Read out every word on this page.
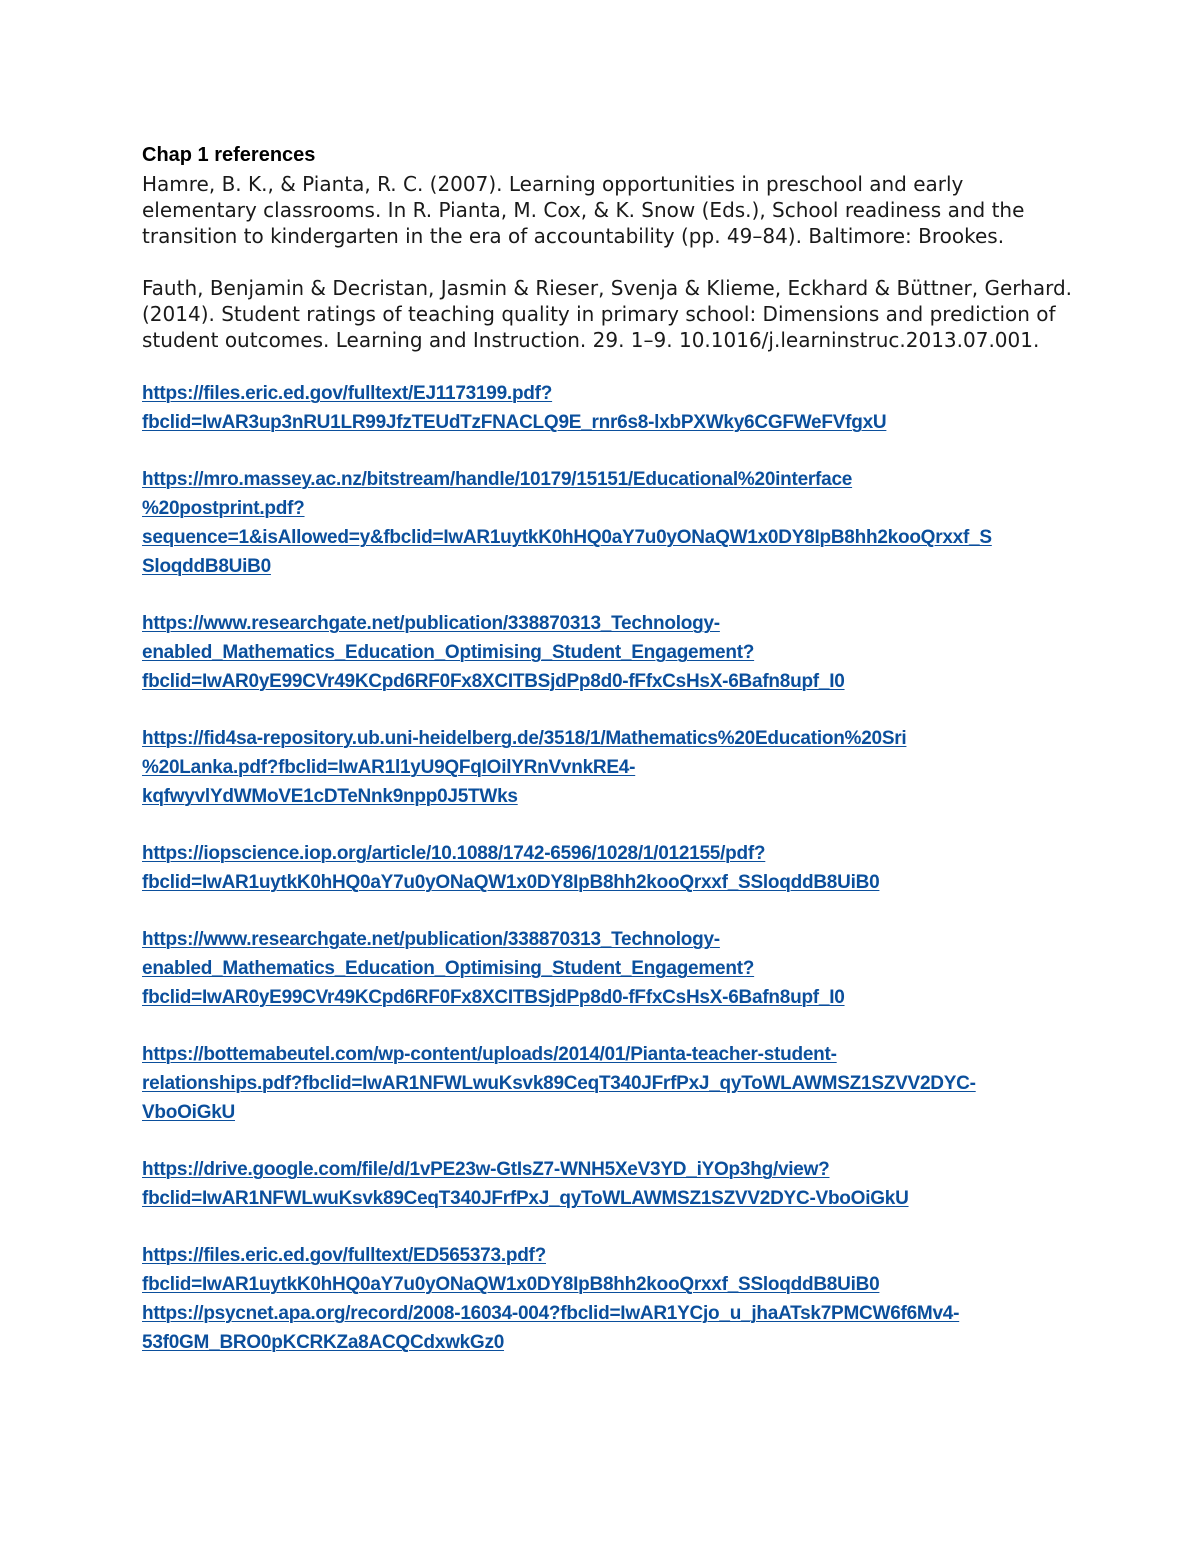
Chap 1 references

Hamre, B. K., & Pianta, R. C. (2007). Learning opportunities in preschool and early elementary classrooms. In R. Pianta, M. Cox, & K. Snow (Eds.), School readiness and the transition to kindergarten in the era of accountability (pp. 49–84). Baltimore: Brookes.

Fauth, Benjamin & Decristan, Jasmin & Rieser, Svenja & Klieme, Eckhard & Büttner, Gerhard. (2014). Student ratings of teaching quality in primary school: Dimensions and prediction of student outcomes. Learning and Instruction. 29. 1–9. 10.1016/j.learninstruc.2013.07.001.

https://files.eric.ed.gov/fulltext/EJ1173199.pdf?
fbclid=IwAR3up3nRU1LR99JfzTEUdTzFNACLQ9E_rnr6s8-lxbPXWky6CGFWeFVfgxU
https://mro.massey.ac.nz/bitstream/handle/10179/15151/Educational%20interface
%20postprint.pdf?
sequence=1&isAllowed=y&fbclid=IwAR1uytkK0hHQ0aY7u0yONaQW1x0DY8IpB8hh2kooQrxxf_S
SloqddB8UiB0
https://www.researchgate.net/publication/338870313_Technology-
enabled_Mathematics_Education_Optimising_Student_Engagement?
fbclid=IwAR0yE99CVr49KCpd6RF0Fx8XCITBSjdPp8d0-fFfxCsHsX-6Bafn8upf_I0
https://fid4sa-repository.ub.uni-heidelberg.de/3518/1/Mathematics%20Education%20Sri
%20Lanka.pdf?fbclid=IwAR1l1yU9QFqIOilYRnVvnkRE4-
kqfwyvlYdWMoVE1cDTeNnk9npp0J5TWks
https://iopscience.iop.org/article/10.1088/1742-6596/1028/1/012155/pdf?
fbclid=IwAR1uytkK0hHQ0aY7u0yONaQW1x0DY8IpB8hh2kooQrxxf_SSloqddB8UiB0
https://www.researchgate.net/publication/338870313_Technology-
enabled_Mathematics_Education_Optimising_Student_Engagement?
fbclid=IwAR0yE99CVr49KCpd6RF0Fx8XCITBSjdPp8d0-fFfxCsHsX-6Bafn8upf_I0
https://bottemabeutel.com/wp-content/uploads/2014/01/Pianta-teacher-student-
relationships.pdf?fbclid=IwAR1NFWLwuKsvk89CeqT340JFrfPxJ_qyToWLAWMSZ1SZVV2DYC-
VboOiGkU
https://drive.google.com/file/d/1vPE23w-GtIsZ7-WNH5XeV3YD_iYOp3hg/view?
fbclid=IwAR1NFWLwuKsvk89CeqT340JFrfPxJ_qyToWLAWMSZ1SZVV2DYC-VboOiGkU
https://files.eric.ed.gov/fulltext/ED565373.pdf?
fbclid=IwAR1uytkK0hHQ0aY7u0yONaQW1x0DY8IpB8hh2kooQrxxf_SSloqddB8UiB0
https://psycnet.apa.org/record/2008-16034-004?fbclid=IwAR1YCjo_u_jhaATsk7PMCW6f6Mv4-
53f0GM_BRO0pKCRKZa8ACQCdxwkGz0
